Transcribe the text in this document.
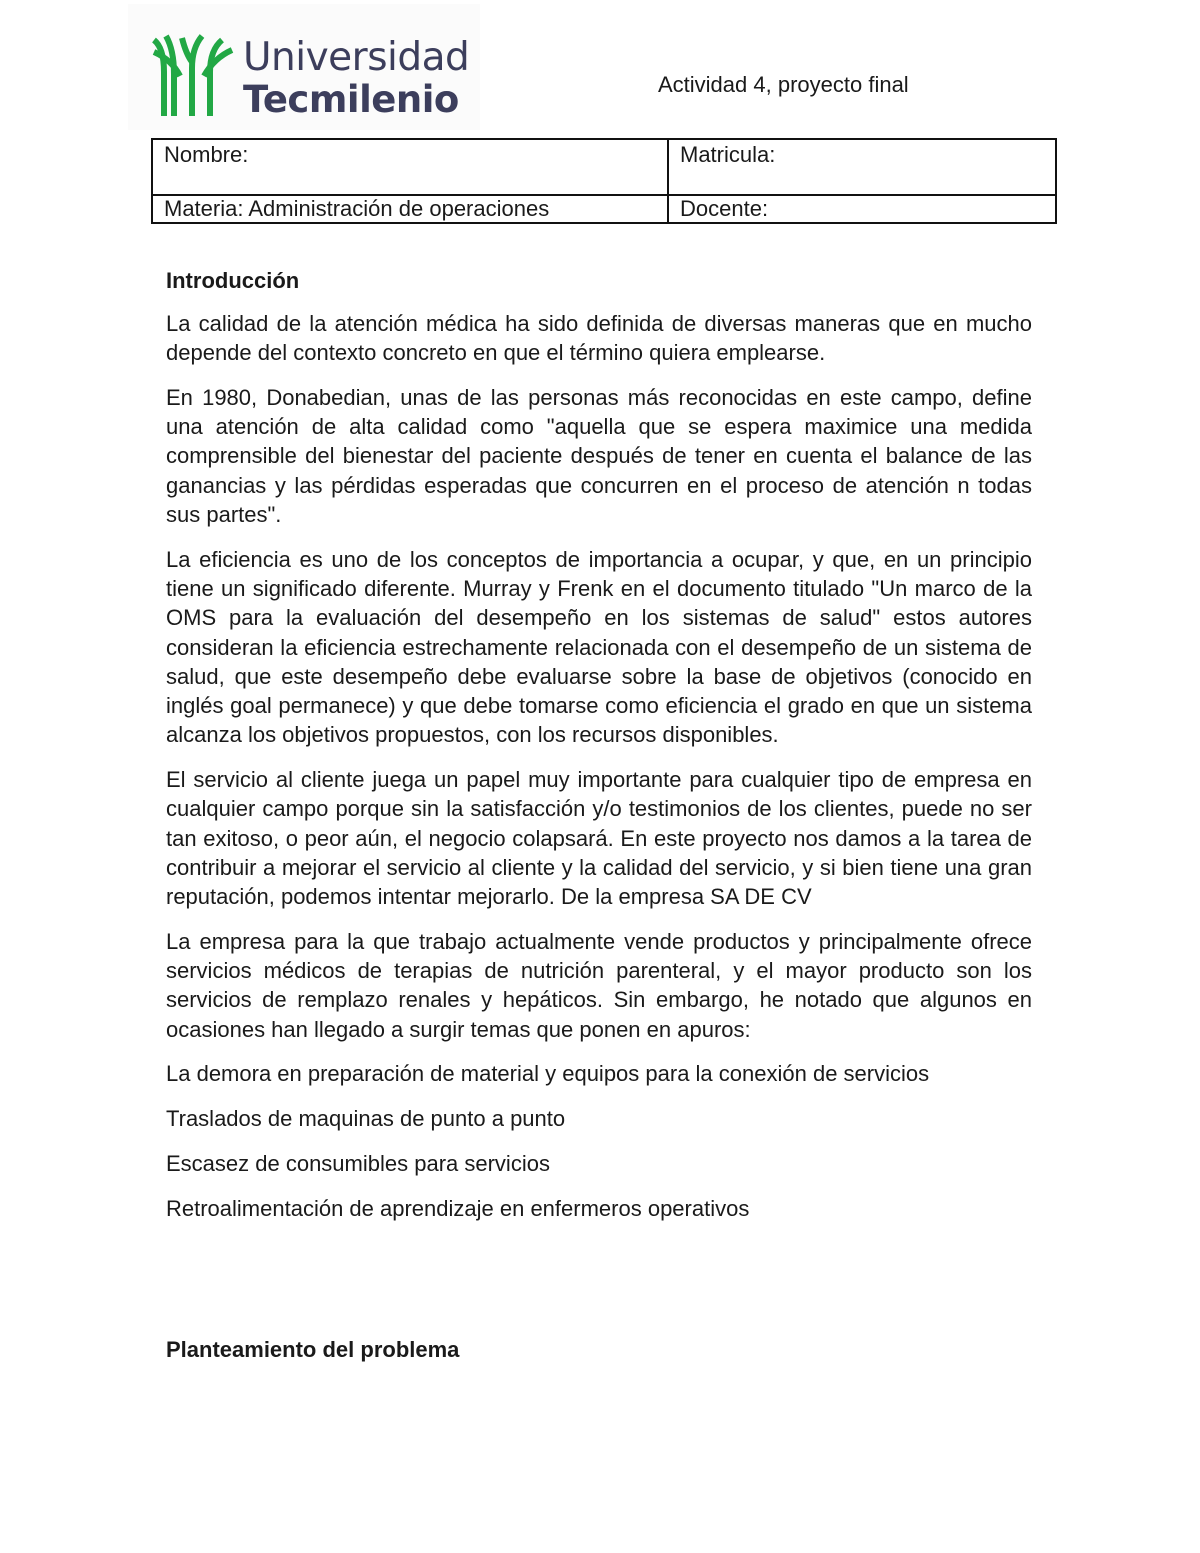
Universidad
Tecmilenio	Actividad 4, proyecto final
Nombre:	Matricula:
Materia: Administración de operaciones	Docente:
Introducción

La calidad de la atención médica ha sido definida de diversas maneras que en mucho depende del contexto concreto en que el término quiera emplearse.

En 1980, Donabedian, unas de las personas más reconocidas en este campo, define una atención de alta calidad como "aquella que se espera maximice una medida comprensible del bienestar del paciente después de tener en cuenta el balance de las ganancias y las pérdidas esperadas que concurren en el proceso de atención n todas sus partes".

La eficiencia es uno de los conceptos de importancia a ocupar, y que, en un principio tiene un significado diferente. Murray y Frenk en el documento titulado "Un marco de la OMS para la evaluación del desempeño en los sistemas de salud" estos autores consideran la eficiencia estrechamente relacionada con el desempeño de un sistema de salud, que este desempeño debe evaluarse sobre la base de objetivos (conocido en inglés goal permanece) y que debe tomarse como eficiencia el grado en que un sistema alcanza los objetivos propuestos, con los recursos disponibles.

El servicio al cliente juega un papel muy importante para cualquier tipo de empresa en cualquier campo porque sin la satisfacción y/o testimonios de los clientes, puede no ser tan exitoso, o peor aún, el negocio colapsará. En este proyecto nos damos a la tarea de contribuir a mejorar el servicio al cliente y la calidad del servicio, y si bien tiene una gran reputación, podemos intentar mejorarlo. De la empresa SA DE CV

La empresa para la que trabajo actualmente vende productos y principalmente ofrece servicios médicos de terapias de nutrición parenteral, y el mayor producto son los servicios de remplazo renales y hepáticos. Sin embargo, he notado que algunos en ocasiones han llegado a surgir temas que ponen en apuros:

La demora en preparación de material y equipos para la conexión de servicios

Traslados de maquinas de punto a punto

Escasez de consumibles para servicios

Retroalimentación de aprendizaje en enfermeros operativos

Planteamiento del problema
